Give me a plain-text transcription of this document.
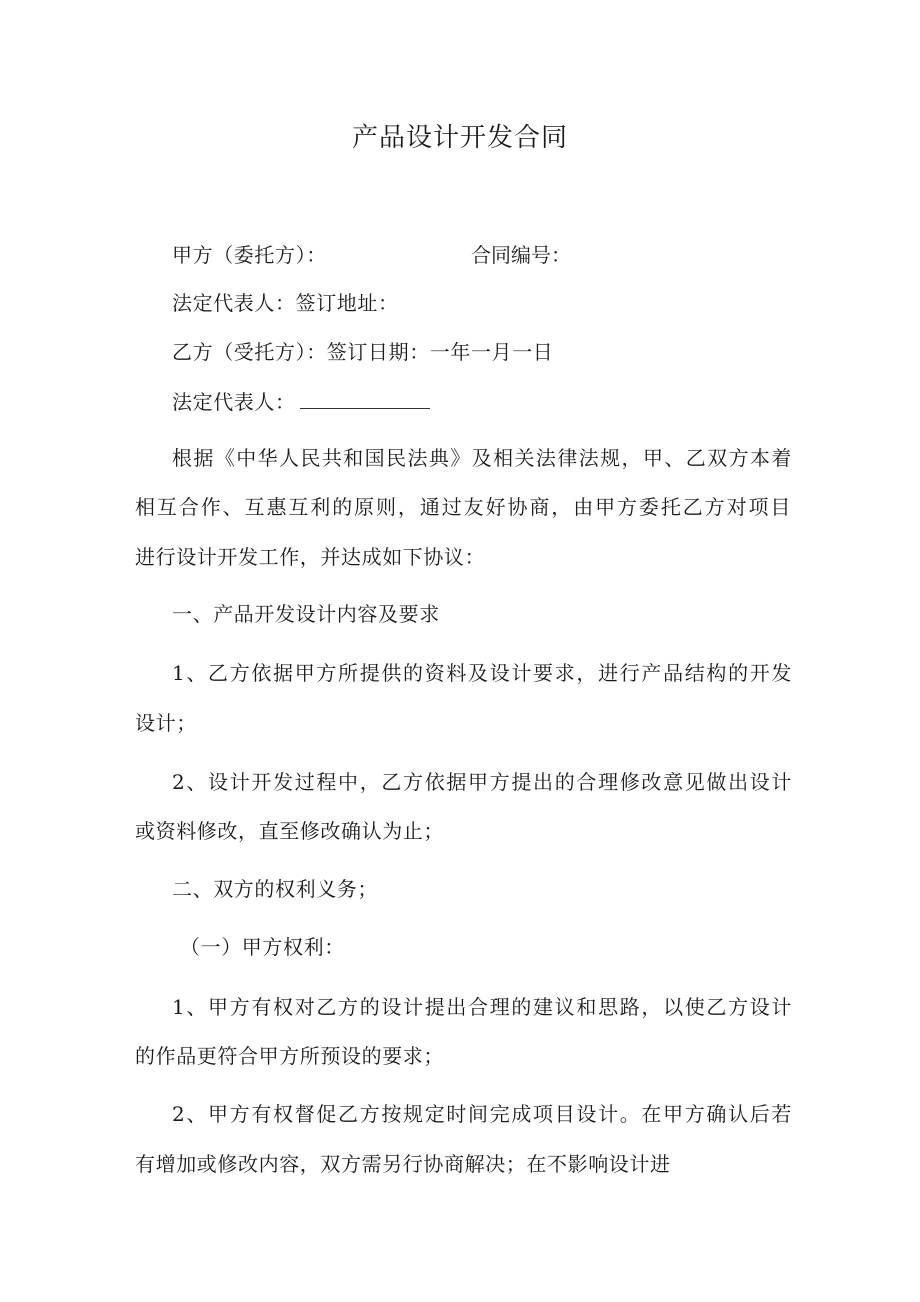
产品设计开发合同
甲方（委托方）：	合同编号：
法定代表人：签订地址：
乙方（受托方）：签订日期：一年一月一日
法定代表人：
根据《中华人民共和国民法典》及相关法律法规，甲、乙双方本着
相互合作、互惠互利的原则，通过友好协商，由甲方委托乙方对项目
进行设计开发工作，并达成如下协议：
一、产品开发设计内容及要求
1、乙方依据甲方所提供的资料及设计要求，进行产品结构的开发
设计；
2、设计开发过程中，乙方依据甲方提出的合理修改意见做出设计
或资料修改，直至修改确认为止；
二、双方的权利义务；
（一）甲方权利：
1、甲方有权对乙方的设计提出合理的建议和思路，以使乙方设计
的作品更符合甲方所预设的要求；
2、甲方有权督促乙方按规定时间完成项目设计。在甲方确认后若
有增加或修改内容，双方需另行协商解决；在不影响设计进
